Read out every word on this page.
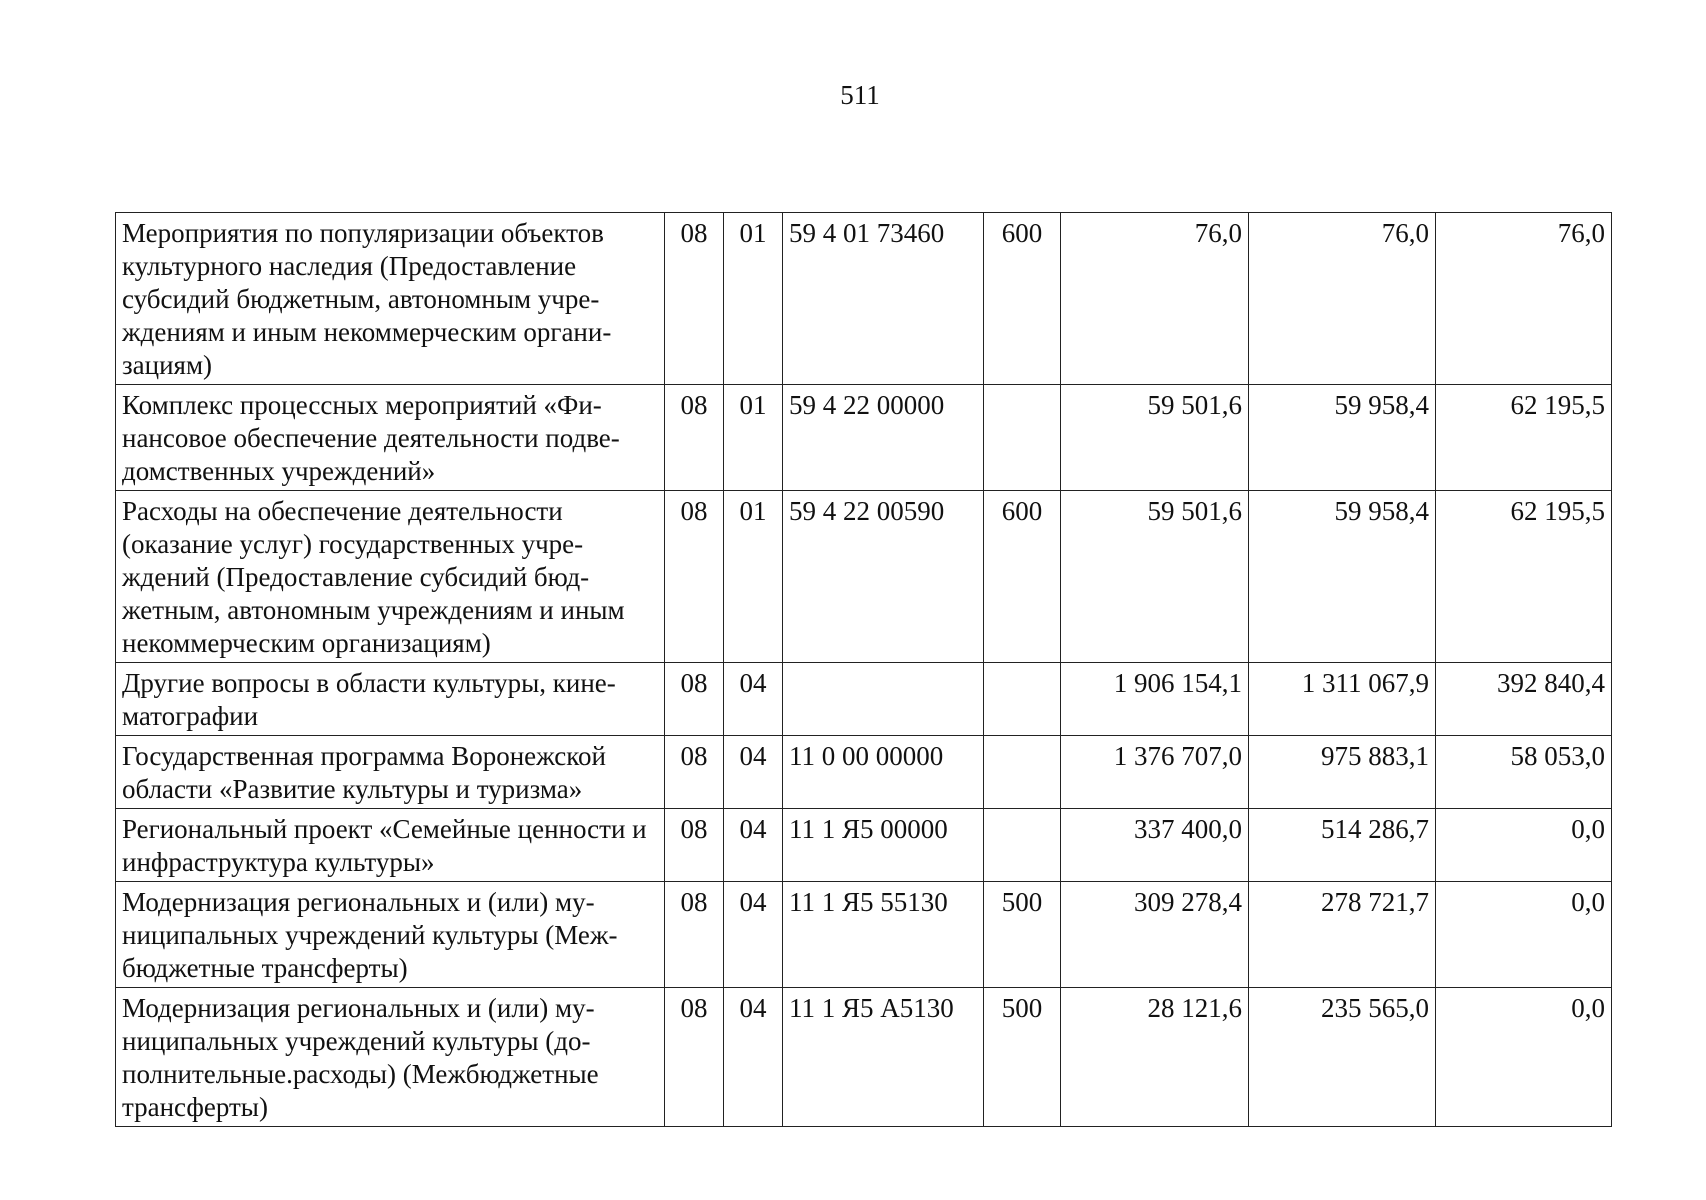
511
Мероприятия по популяризации объектов культурного наследия (Предоставление субсидий бюджетным, автономным учре-ждениям и иным некоммерческим органи-зациям)	08	01	59 4 01 73460	600	76,0	76,0	76,0
Комплекс процессных мероприятий «Фи-нансовое обеспечение деятельности подве-домственных учреждений»	08	01	59 4 22 00000		59 501,6	59 958,4	62 195,5
Расходы на обеспечение деятельности (оказание услуг) государственных учре-ждений (Предоставление субсидий бюд-жетным, автономным учреждениям и иным некоммерческим организациям)	08	01	59 4 22 00590	600	59 501,6	59 958,4	62 195,5
Другие вопросы в области культуры, кине-матографии	08	04			1 906 154,1	1 311 067,9	392 840,4
Государственная программа Воронежской области «Развитие культуры и туризма»	08	04	11 0 00 00000		1 376 707,0	975 883,1	58 053,0
Региональный проект «Семейные ценности и инфраструктура культуры»	08	04	11 1 Я5 00000		337 400,0	514 286,7	0,0
Модернизация региональных и (или) му-ниципальных учреждений культуры (Меж-бюджетные трансферты)	08	04	11 1 Я5 55130	500	309 278,4	278 721,7	0,0
Модернизация региональных и (или) му-ниципальных учреждений культуры (до-полнительные.расходы) (Межбюджетные трансферты)	08	04	11 1 Я5 А5130	500	28 121,6	235 565,0	0,0
